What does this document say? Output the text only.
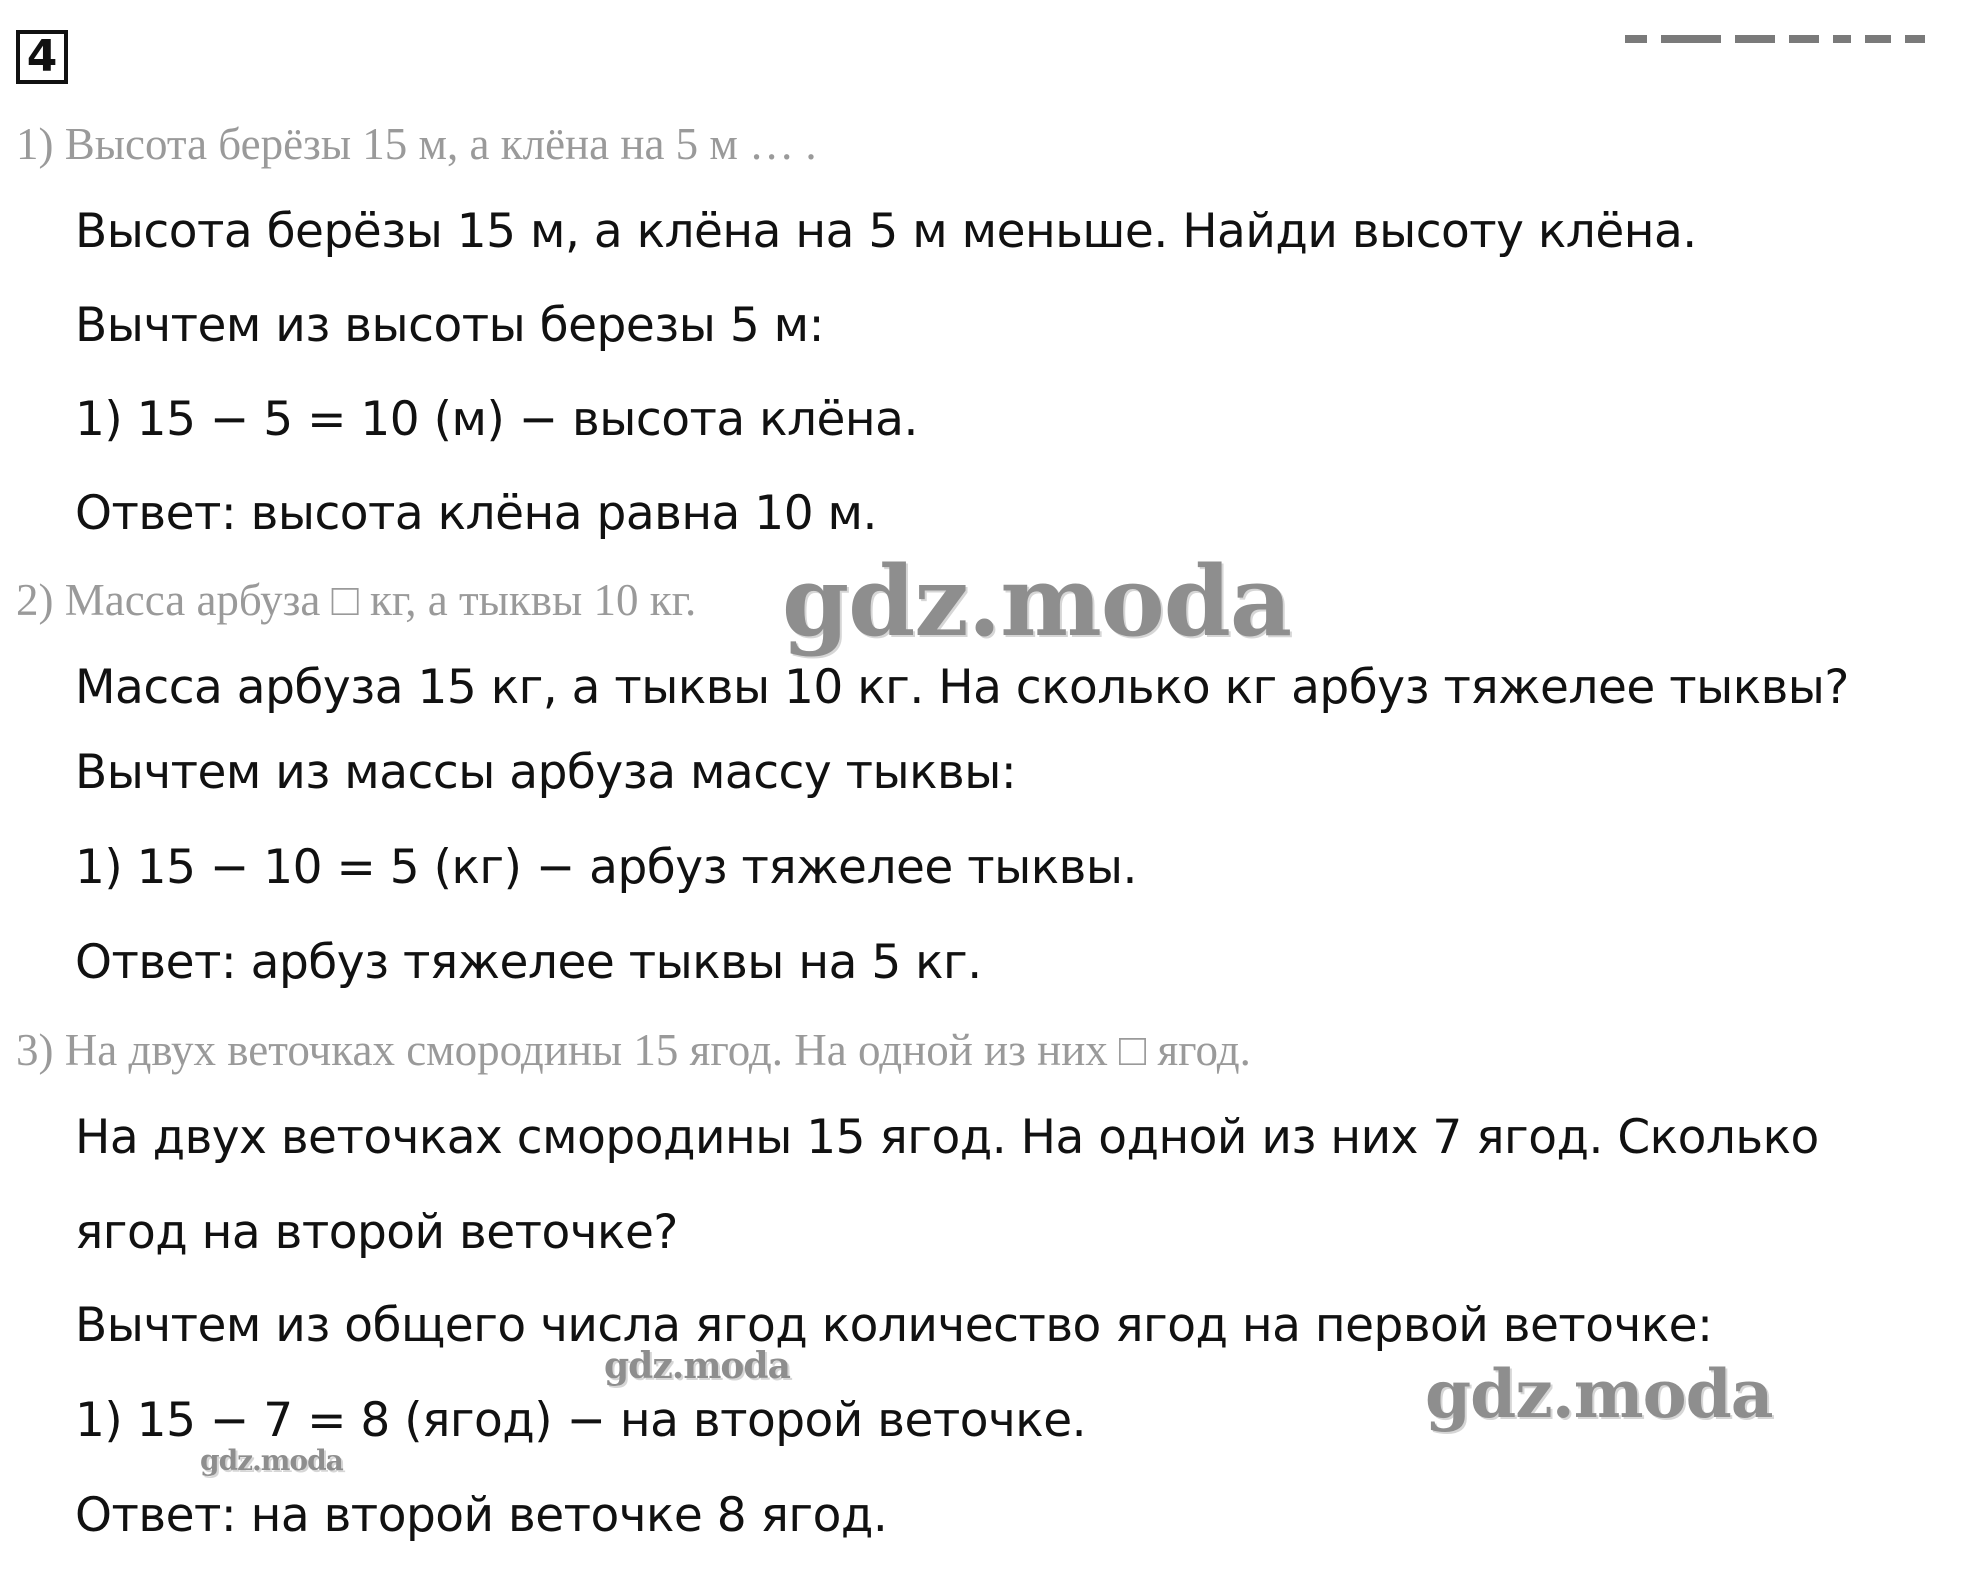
4
1) Высота берёзы 15 м, а клёна на 5 м … .
Высота берёзы 15 м, а клёна на 5 м меньше. Найди высоту клёна.
Вычтем из высоты березы 5 м:
1) 15 − 5 = 10 (м) − высота клёна.
Ответ: высота клёна равна 10 м.
2) Масса арбуза □ кг, а тыквы 10 кг.
Масса арбуза 15 кг, а тыквы 10 кг. На сколько кг арбуз тяжелее тыквы?
Вычтем из массы арбуза массу тыквы:
1) 15 − 10 = 5 (кг) − арбуз тяжелее тыквы.
Ответ: арбуз тяжелее тыквы на 5 кг.
3) На двух веточках смородины 15 ягод. На одной из них □ ягод.
На двух веточках смородины 15 ягод. На одной из них 7 ягод. Сколько
ягод на второй веточке?
Вычтем из общего числа ягод количество ягод на первой веточке:
1) 15 − 7 = 8 (ягод) − на второй веточке.
Ответ: на второй веточке 8 ягод.
gdz.moda
gdz.moda
gdz.moda
gdz.moda
